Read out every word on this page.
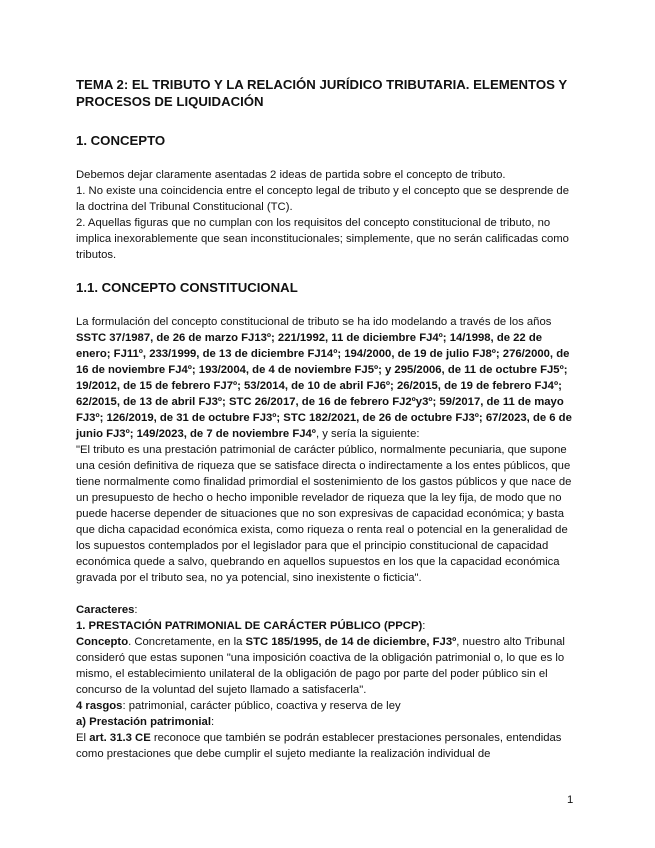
TEMA 2: EL TRIBUTO Y LA RELACIÓN JURÍDICO TRIBUTARIA. ELEMENTOS Y PROCESOS DE LIQUIDACIÓN
1. CONCEPTO

Debemos dejar claramente asentadas 2 ideas de partida sobre el concepto de tributo.

1. No existe una coincidencia entre el concepto legal de tributo y el concepto que se desprende de la doctrina del Tribunal Constitucional (TC).

2. Aquellas figuras que no cumplan con los requisitos del concepto constitucional de tributo, no implica inexorablemente que sean inconstitucionales; simplemente, que no serán calificadas como tributos.

1.1. CONCEPTO CONSTITUCIONAL

La formulación del concepto constitucional de tributo se ha ido modelando a través de los años SSTC 37/1987, de 26 de marzo FJ13º; 221/1992, 11 de diciembre FJ4º; 14/1998, de 22 de enero; FJ11º, 233/1999, de 13 de diciembre FJ14º; 194/2000, de 19 de julio FJ8º; 276/2000, de 16 de noviembre FJ4º; 193/2004, de 4 de noviembre FJ5º; y 295/2006, de 11 de octubre FJ5º; 19/2012, de 15 de febrero FJ7º; 53/2014, de 10 de abril FJ6º; 26/2015, de 19 de febrero FJ4º; 62/2015, de 13 de abril FJ3º; STC 26/2017, de 16 de febrero FJ2ºy3º; 59/2017, de 11 de mayo FJ3º; 126/2019, de 31 de octubre FJ3º; STC 182/2021, de 26 de octubre FJ3º; 67/2023, de 6 de junio FJ3º; 149/2023, de 7 de noviembre FJ4º, y sería la siguiente:

"El tributo es una prestación patrimonial de carácter público, normalmente pecuniaria, que supone una cesión definitiva de riqueza que se satisface directa o indirectamente a los entes públicos, que tiene normalmente como finalidad primordial el sostenimiento de los gastos públicos y que nace de un presupuesto de hecho o hecho imponible revelador de riqueza que la ley fija, de modo que no puede hacerse depender de situaciones que no son expresivas de capacidad económica; y basta que dicha capacidad económica exista, como riqueza o renta real o potencial en la generalidad de los supuestos contemplados por el legislador para que el principio constitucional de capacidad económica quede a salvo, quebrando en aquellos supuestos en los que la capacidad económica gravada por el tributo sea, no ya potencial, sino inexistente o ficticia".

Caracteres:

1. PRESTACIÓN PATRIMONIAL DE CARÁCTER PÚBLICO (PPCP):

Concepto. Concretamente, en la STC 185/1995, de 14 de diciembre, FJ3º, nuestro alto Tribunal consideró que estas suponen "una imposición coactiva de la obligación patrimonial o, lo que es lo mismo, el establecimiento unilateral de la obligación de pago por parte del poder público sin el concurso de la voluntad del sujeto llamado a satisfacerla".

4 rasgos: patrimonial, carácter público, coactiva y reserva de ley

a) Prestación patrimonial:

El art. 31.3 CE reconoce que también se podrán establecer prestaciones personales, entendidas como prestaciones que debe cumplir el sujeto mediante la realización individual de

1
